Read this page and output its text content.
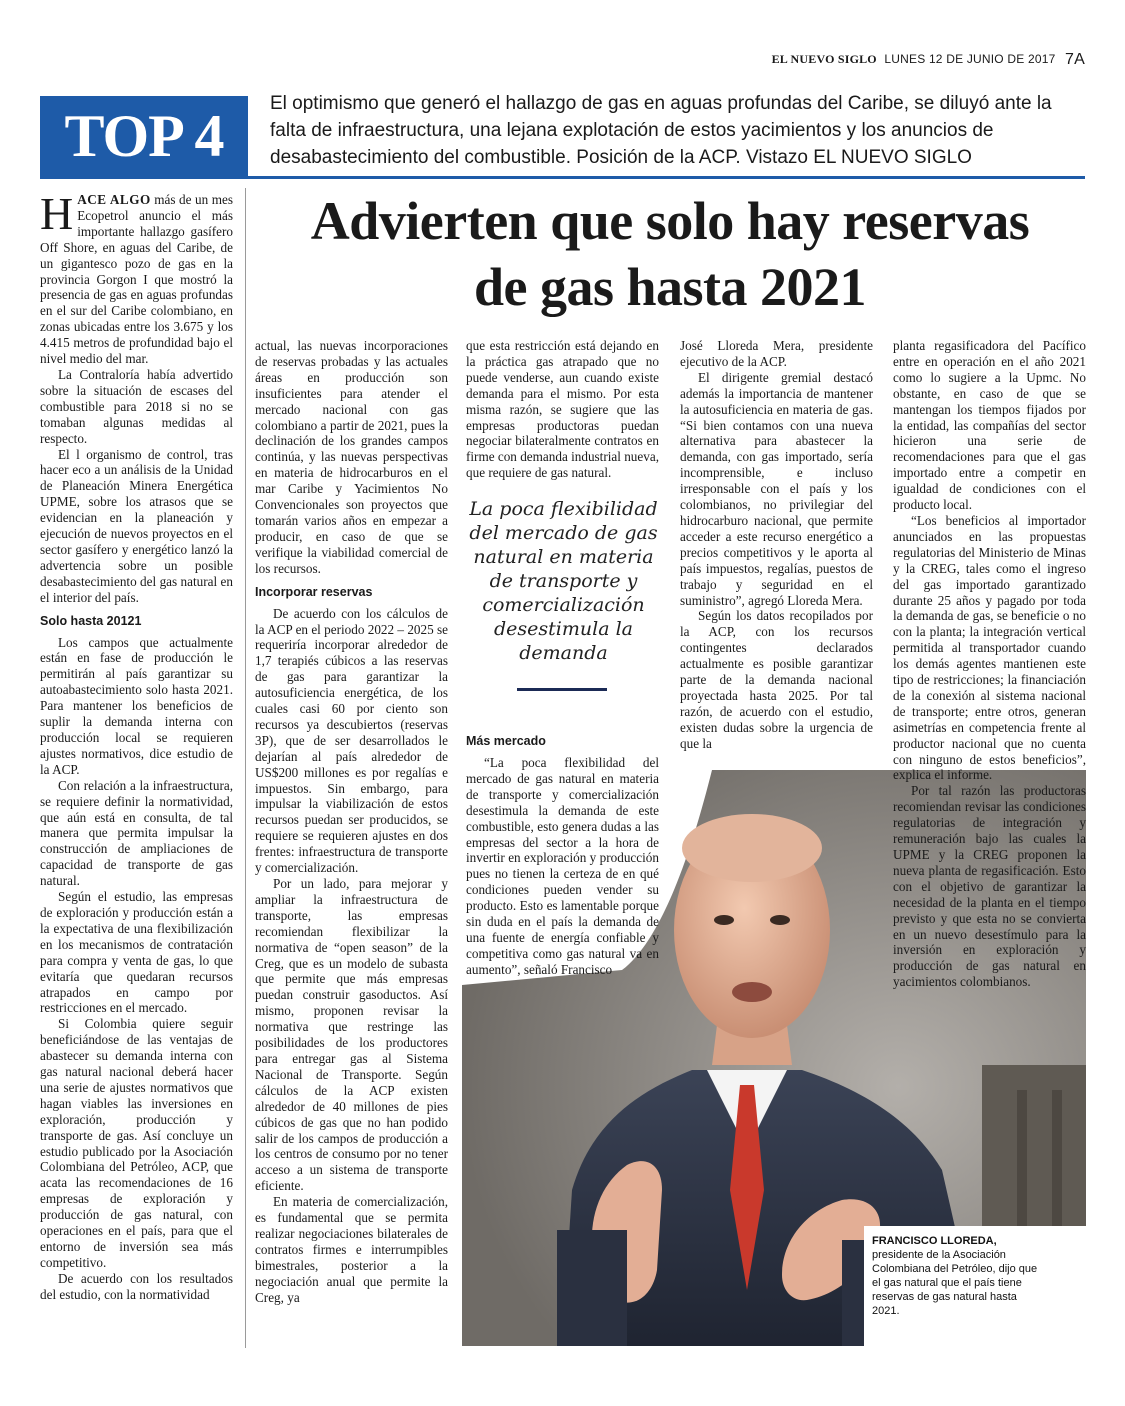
EL NUEVO SIGLO LUNES 12 DE JUNIO DE 2017 7A
TOP 4	El optimismo que generó el hallazgo de gas en aguas profundas del Caribe, se diluyó ante la falta de infraestructura, una lejana explotación de estos yacimientos y los anuncios de desabastecimiento del combustible. Posición de la ACP. Vistazo EL NUEVO SIGLO
Advierten que solo hay reservas
de gas hasta 2021

HACE ALGO más de un mes Ecopetrol anuncio el más importante hallazgo gasífero Off Shore, en aguas del Caribe, de un gigantesco pozo de gas en la provincia Gorgon I que mostró la presencia de gas en aguas profundas en el sur del Caribe colombiano, en zonas ubicadas entre los 3.675 y los 4.415 metros de profundidad bajo el nivel medio del mar.

La Contraloría había advertido sobre la situación de escases del combustible para 2018 si no se tomaban algunas medidas al respecto.

El l organismo de control, tras hacer eco a un análisis de la Unidad de Planeación Minera Energética UPME, sobre los atrasos que se evidencian en la planeación y ejecución de nuevos proyectos en el sector gasífero y energético lanzó la advertencia sobre un posible desabastecimiento del gas natural en el interior del país.

Solo hasta 20121

Los campos que actualmente están en fase de producción le permitirán al país garantizar su autoabastecimiento solo hasta 2021. Para mantener los beneficios de suplir la demanda interna con producción local se requieren ajustes normativos, dice estudio de la ACP.

Con relación a la infraestructura, se requiere definir la normatividad, que aún está en consulta, de tal manera que permita impulsar la construcción de ampliaciones de capacidad de transporte de gas natural.

Según el estudio, las empresas de exploración y producción están a la expectativa de una flexibilización en los mecanismos de contratación para compra y venta de gas, lo que evitaría que quedaran recursos atrapados en campo por restricciones en el mercado.

Si Colombia quiere seguir beneficiándose de las ventajas de abastecer su demanda interna con gas natural nacional deberá hacer una serie de ajustes normativos que hagan viables las inversiones en exploración, producción y transporte de gas. Así concluye un estudio publicado por la Asociación Colombiana del Petróleo, ACP, que acata las recomendaciones de 16 empresas de exploración y producción de gas natural, con operaciones en el país, para que el entorno de inversión sea más competitivo.

De acuerdo con los resultados del estudio, con la normatividad

actual, las nuevas incorporaciones de reservas probadas y las actuales áreas en producción son insuficientes para atender el mercado nacional con gas colombiano a partir de 2021, pues la declinación de los grandes campos continúa, y las nuevas perspectivas en materia de hidrocarburos en el mar Caribe y Yacimientos No Convencionales son proyectos que tomarán varios años en empezar a producir, en caso de que se verifique la viabilidad comercial de los recursos.

Incorporar reservas

De acuerdo con los cálculos de la ACP en el periodo 2022 – 2025 se requeriría incorporar alrededor de 1,7 terapiés cúbicos a las reservas de gas para garantizar la autosuficiencia energética, de los cuales casi 60 por ciento son recursos ya descubiertos (reservas 3P), que de ser desarrollados le dejarían al país alrededor de US$200 millones es por regalías e impuestos. Sin embargo, para impulsar la viabilización de estos recursos puedan ser producidos, se requiere se requieren ajustes en dos frentes: infraestructura de transporte y comercialización.

Por un lado, para mejorar y ampliar la infraestructura de transporte, las empresas recomiendan flexibilizar la normativa de “open season” de la Creg, que es un modelo de subasta que permite que más empresas puedan construir gasoductos. Así mismo, proponen revisar la normativa que restringe las posibilidades de los productores para entregar gas al Sistema Nacional de Transporte. Según cálculos de la ACP existen alrededor de 40 millones de pies cúbicos de gas que no han podido salir de los campos de producción a los centros de consumo por no tener acceso a un sistema de transporte eficiente.

En materia de comercialización, es fundamental que se permita realizar negociaciones bilaterales de contratos firmes e interrumpibles bimestrales, posterior a la negociación anual que permite la Creg, ya

que esta restricción está dejando en la práctica gas atrapado que no puede venderse, aun cuando existe demanda para el mismo. Por esta misma razón, se sugiere que las empresas productoras puedan negociar bilateralmente contratos en firme con demanda industrial nueva, que requiere de gas natural.

La poca flexibilidad del mercado de gas natural en materia de transporte y comercialización desestimula la demanda
Más mercado

“La poca flexibilidad del mercado de gas natural en materia de transporte y comercialización desestimula la demanda de este combustible, esto genera dudas a las empresas del sector a la hora de invertir en exploración y producción pues no tienen la certeza de en qué condiciones pueden vender su producto. Esto es lamentable porque sin duda en el país la demanda de una fuente de energía confiable y competitiva como gas natural va en aumento”, señaló Francisco

José Lloreda Mera, presidente ejecutivo de la ACP.

El dirigente gremial destacó además la importancia de mantener la autosuficiencia en materia de gas. “Si bien contamos con una nueva alternativa para abastecer la demanda, con gas importado, sería incomprensible, e incluso irresponsable con el país y los colombianos, no privilegiar del hidrocarburo nacional, que permite acceder a este recurso energético a precios competitivos y le aporta al país impuestos, regalías, puestos de trabajo y seguridad en el suministro”, agregó Lloreda Mera.

Según los datos recopilados por la ACP, con los recursos contingentes declarados actualmente es posible garantizar parte de la demanda nacional proyectada hasta 2025. Por tal razón, de acuerdo con el estudio, existen dudas sobre la urgencia de que la

planta regasificadora del Pacífico entre en operación en el año 2021 como lo sugiere a la Upmc. No obstante, en caso de que se mantengan los tiempos fijados por la entidad, las compañías del sector hicieron una serie de recomendaciones para que el gas importado entre a competir en igualdad de condiciones con el producto local.

“Los beneficios al importador anunciados en las propuestas regulatorias del Ministerio de Minas y la CREG, tales como el ingreso del gas importado garantizado durante 25 años y pagado por toda la demanda de gas, se beneficie o no con la planta; la integración vertical permitida al transportador cuando los demás agentes mantienen este tipo de restricciones; la financiación de la conexión al sistema nacional de transporte; entre otros, generan asimetrías en competencia frente al productor nacional que no cuenta con ninguno de estos beneficios”, explica el informe.

Por tal razón las productoras recomiendan revisar las condiciones regulatorias de integración y remuneración bajo las cuales la UPME y la CREG proponen la nueva planta de regasificación. Esto con el objetivo de garantizar la necesidad de la planta en el tiempo previsto y que esta no se convierta en un nuevo desestímulo para la inversión en exploración y producción de gas natural en yacimientos colombianos.

FRANCISCO LLOREDA, presidente de la Asociación Colombiana del Petróleo, dijo que el gas natural que el país tiene reservas de gas natural hasta 2021.
